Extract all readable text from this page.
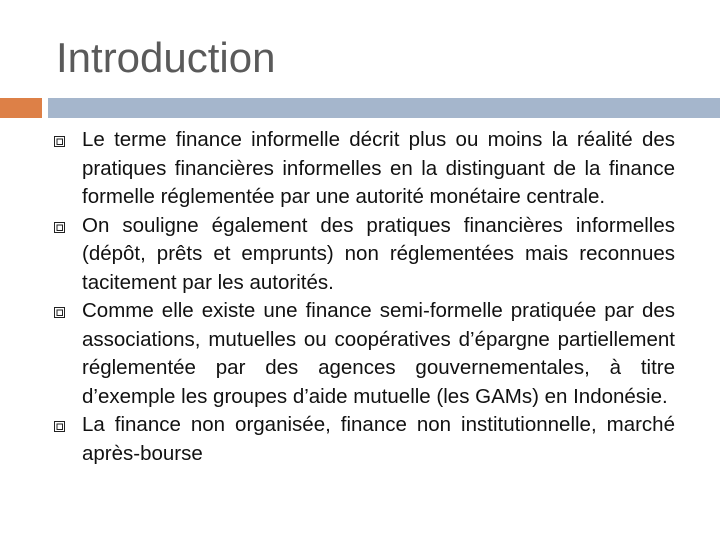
Introduction
Le terme finance informelle décrit plus ou moins la réalité des pratiques financières informelles en la distinguant de la finance formelle réglementée par une autorité monétaire centrale.
On souligne également des pratiques financières informelles (dépôt, prêts et emprunts) non réglementées mais reconnues tacitement par les autorités.
Comme elle existe une finance semi-formelle pratiquée par des associations, mutuelles ou coopératives d’épargne partiellement réglementée par des agences gouvernementales, à titre d’exemple les groupes d’aide mutuelle (les GAMs) en Indonésie.
La finance non organisée, finance non institutionnelle, marché après‑bourse
